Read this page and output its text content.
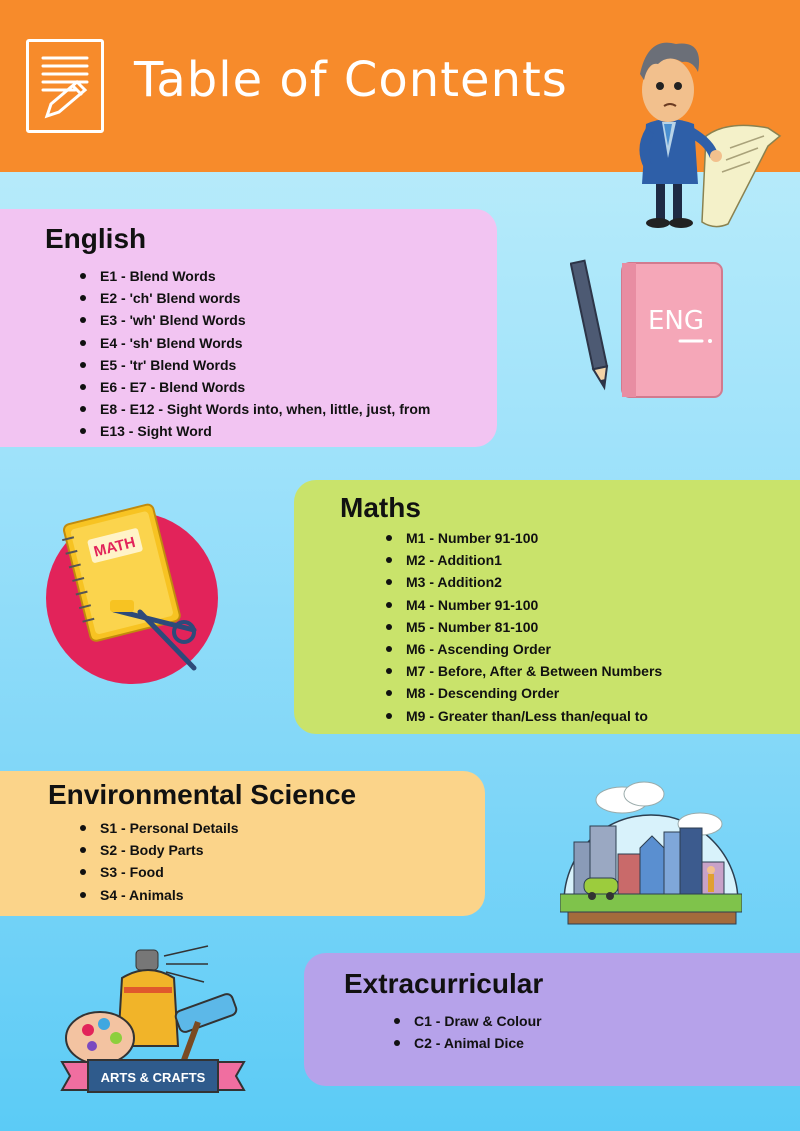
Table of Contents
English
E1 - Blend Words
E2 - 'ch' Blend words
E3 - 'wh' Blend Words
E4 - 'sh' Blend Words
E5 - 'tr' Blend Words
E6 - E7 - Blend Words
E8 - E12 - Sight Words into, when, little, just, from
E13 - Sight Word
ENG
MATH
Maths
M1 - Number 91-100
M2 - Addition1
M3 - Addition2
M4 - Number 91-100
M5 - Number 81-100
M6 - Ascending Order
M7 - Before, After & Between Numbers
M8 - Descending Order
M9 - Greater than/Less than/equal to
Environmental Science
S1 - Personal Details
S2 - Body Parts
S3 - Food
S4 - Animals
ARTS & CRAFTS
Extracurricular
C1 - Draw & Colour
C2 - Animal Dice
